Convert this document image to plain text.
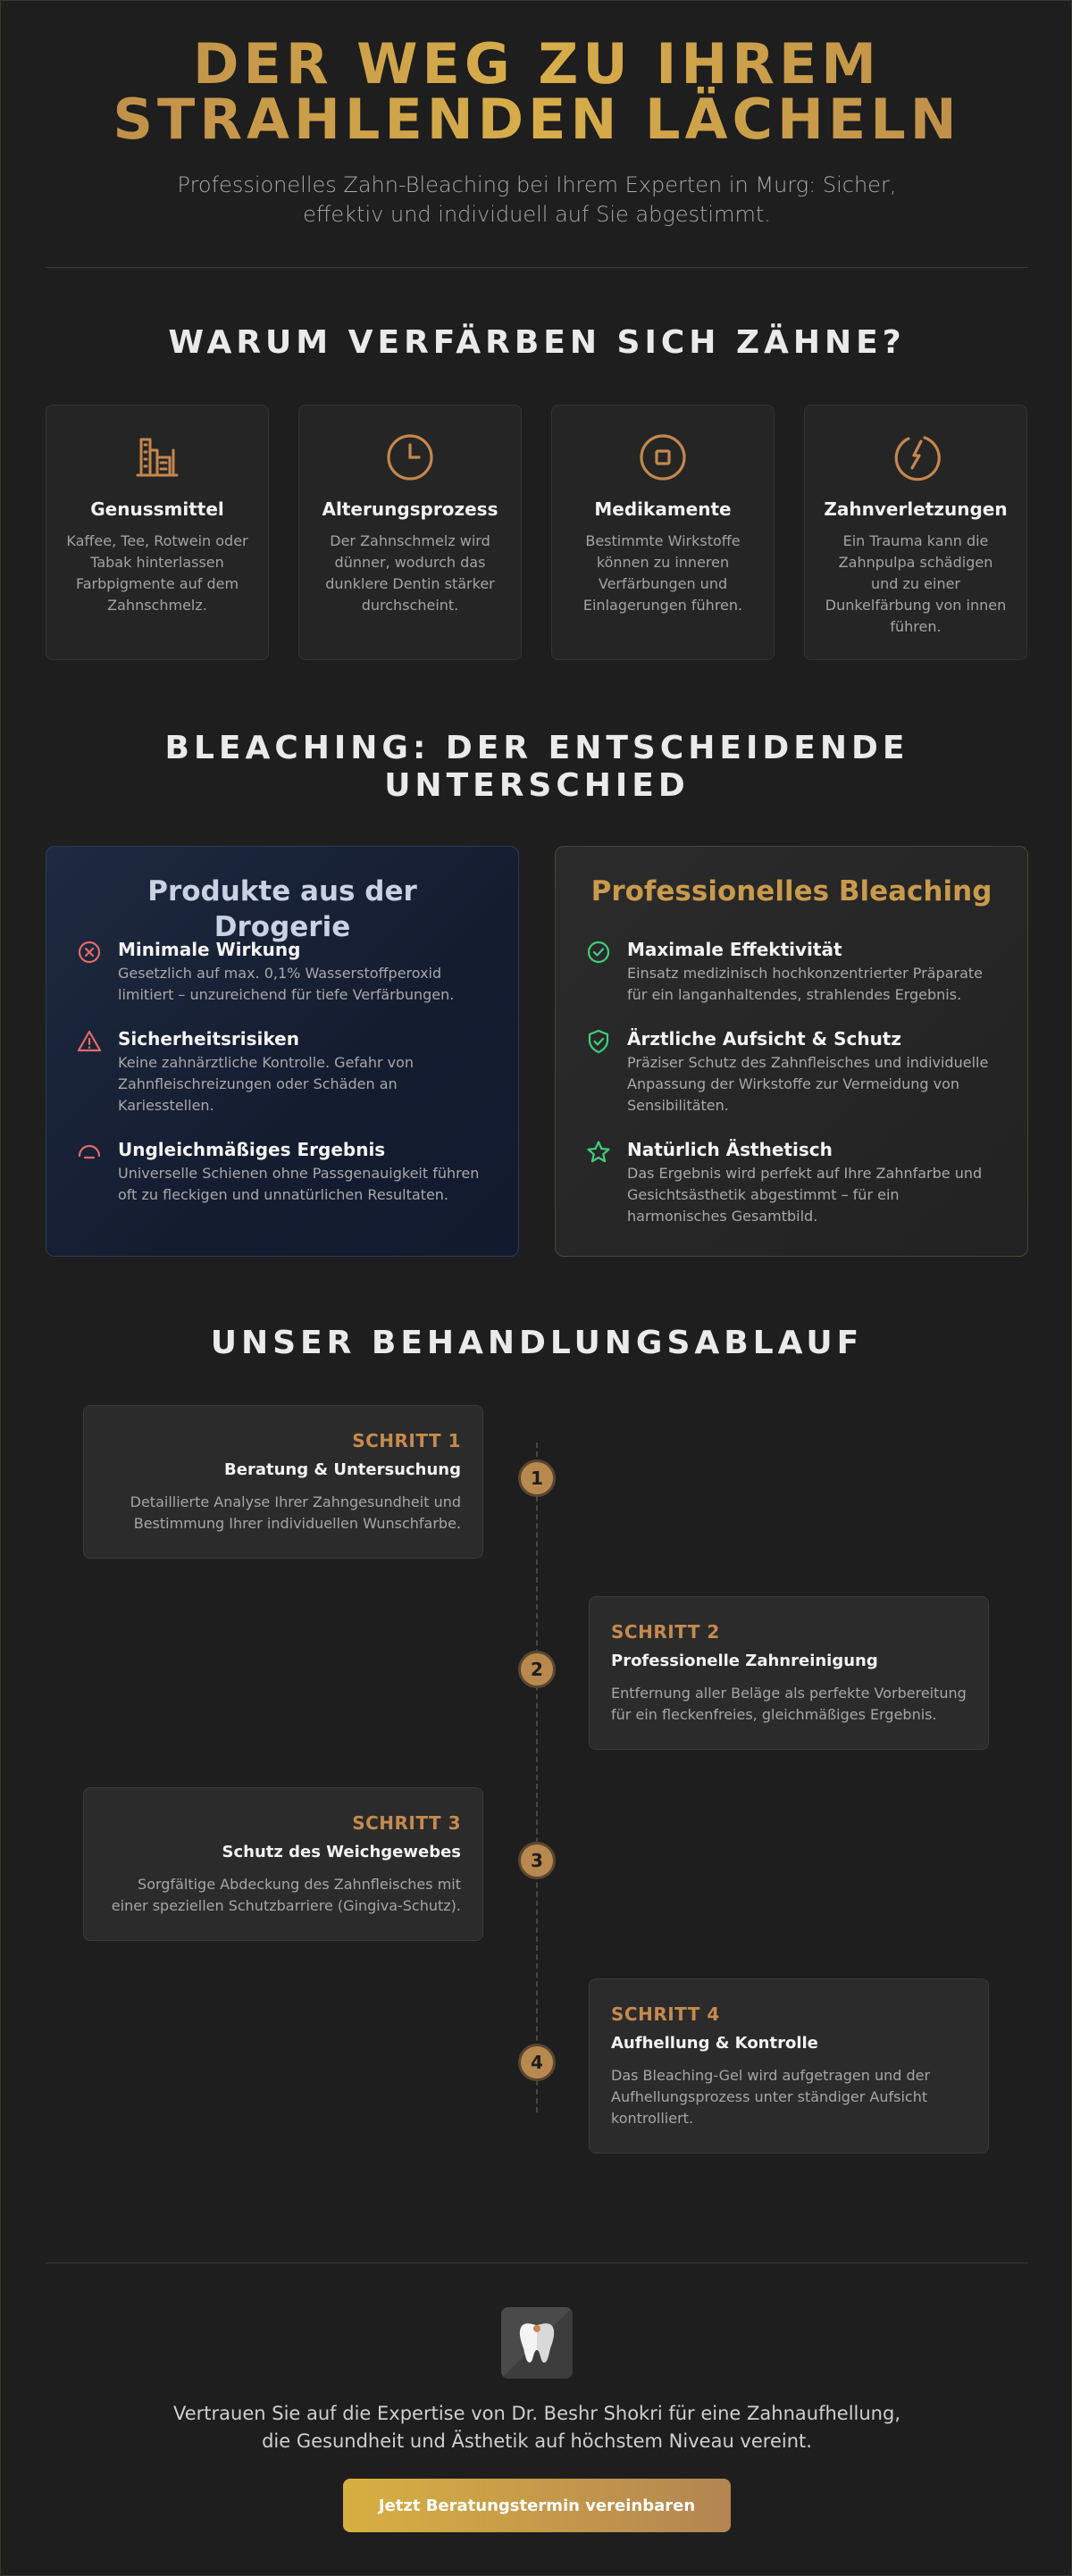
DER WEG ZU IHREM
STRAHLENDEN LÄCHELN

Professionelles Zahn-Bleaching bei Ihrem Experten in Murg: Sicher, effektiv und individuell auf Sie abgestimmt.

WARUM VERFÄRBEN SICH ZÄHNE?
Genussmittel
Kaffee, Tee, Rotwein oder Tabak hinterlassen Farbpigmente auf dem Zahnschmelz.
Alterungsprozess
Der Zahnschmelz wird dünner, wodurch das dunklere Dentin stärker durchscheint.
Medikamente
Bestimmte Wirkstoffe können zu inneren Verfärbungen und Einlagerungen führen.
Zahnverletzungen
Ein Trauma kann die Zahnpulpa schädigen und zu einer Dunkelfärbung von innen führen.
BLEACHING: DER ENTSCHEIDENDE
UNTERSCHIED
Produkte aus der Drogerie
Minimale Wirkung
Gesetzlich auf max. 0,1% Wasserstoffperoxid limitiert – unzureichend für tiefe Verfärbungen.
Sicherheitsrisiken
Keine zahnärztliche Kontrolle. Gefahr von Zahnfleischreizungen oder Schäden an Kariesstellen.
Ungleichmäßiges Ergebnis
Universelle Schienen ohne Passgenauigkeit führen oft zu fleckigen und unnatürlichen Resultaten.
Professionelles Bleaching
Maximale Effektivität
Einsatz medizinisch hochkonzentrierter Präparate für ein langanhaltendes, strahlendes Ergebnis.
Ärztliche Aufsicht & Schutz
Präziser Schutz des Zahnfleisches und individuelle Anpassung der Wirkstoffe zur Vermeidung von Sensibilitäten.
Natürlich Ästhetisch
Das Ergebnis wird perfekt auf Ihre Zahnfarbe und Gesichtsästhetik abgestimmt – für ein harmonisches Gesamtbild.
UNSER BEHANDLUNGSABLAUF
SCHRITT 1
Beratung & Untersuchung
Detaillierte Analyse Ihrer Zahngesundheit und Bestimmung Ihrer individuellen Wunschfarbe.
1
SCHRITT 2
Professionelle Zahnreinigung
Entfernung aller Beläge als perfekte Vorbereitung für ein fleckenfreies, gleichmäßiges Ergebnis.
2
SCHRITT 3
Schutz des Weichgewebes
Sorgfältige Abdeckung des Zahnfleisches mit einer speziellen Schutzbarriere (Gingiva-Schutz).
3
SCHRITT 4
Aufhellung & Kontrolle
Das Bleaching-Gel wird aufgetragen und der Aufhellungsprozess unter ständiger Aufsicht kontrolliert.
4

Vertrauen Sie auf die Expertise von Dr. Beshr Shokri für eine Zahnaufhellung, die Gesundheit und Ästhetik auf höchstem Niveau vereint.

Jetzt Beratungstermin vereinbaren
